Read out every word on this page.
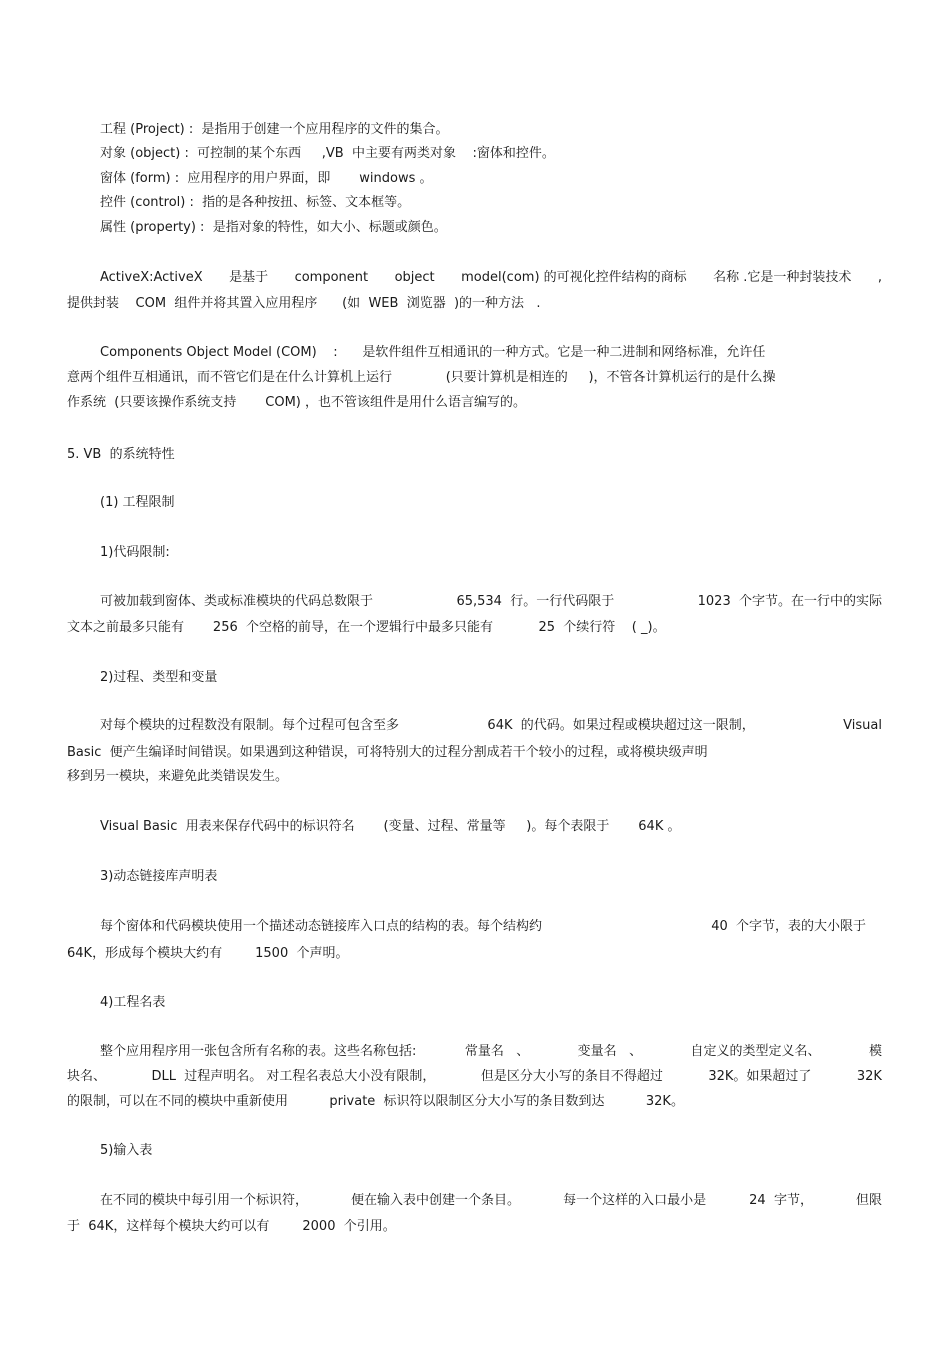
工程 (Project) :  是指用于创建一个应用程序的文件的集合。
对象 (object) :  可控制的某个东西     ,VB  中主要有两类对象    :窗体和控件。
窗体 (form) :  应用程序的用户界面，即       windows 。
控件 (control) :  指的是各种按扭、标签、文本框等。
属性 (property) :  是指对象的特性，如大小、标题或颜色。
ActiveX:ActiveX 是基于 component object model(com) 的可视化控件结构的商标 名称 .它是一种封装技术 ,
提供封装    COM  组件并将其置入应用程序      (如  WEB  浏览器  )的一种方法   .
Components Object Model (COM)    :      是软件组件互相通讯的一种方式。它是一种二进制和网络标准，允许任
意两个组件互相通讯，而不管它们是在什么计算机上运行             (只要计算机是相连的     )，不管各计算机运行的是什么操
作系统  (只要该操作系统支持       COM) ，也不管该组件是用什么语言编写的。
5. VB  的系统特性
(1) 工程限制
1)代码限制:
可被加载到窗体、类或标准模块的代码总数限于	65,534  行。一行代码限于	1023  个字节。在一行中的实际
文本之前最多只能有       256  个空格的前导，在一个逻辑行中最多只能有           25  个续行符    ( _)。
2)过程、类型和变量
对每个模块的过程数没有限制。每个过程可包含至多	64K  的代码。如果过程或模块超过这一限制，	Visual
Basic  便产生编译时间错误。如果遇到这种错误，可将特别大的过程分割成若干个较小的过程，或将模块级声明
移到另一模块，来避免此类错误发生。
Visual Basic  用表来保存代码中的标识符名       (变量、过程、常量等     )。每个表限于       64K 。
3)动态链接库声明表
每个窗体和代码模块使用一个描述动态链接库入口点的结构的表。每个结构约	40  个字节，表的大小限于
64K，形成每个模块大约有        1500  个声明。
4)工程名表
整个应用程序用一张包含所有名称的表。这些名称包括:	常量名   、	变量名   、	自定义的类型定义名、	模
块名、	DLL  过程声明名。 对工程名表总大小没有限制，	但是区分大小写的条目不得超过	32K。如果超过了	32K
的限制，可以在不同的模块中重新使用          private  标识符以限制区分大小写的条目数到达          32K。
5)输入表
在不同的模块中每引用一个标识符，	便在输入表中创建一个条目。	每一个这样的入口最小是	24  字节，	但限
于  64K，这样每个模块大约可以有        2000  个引用。
